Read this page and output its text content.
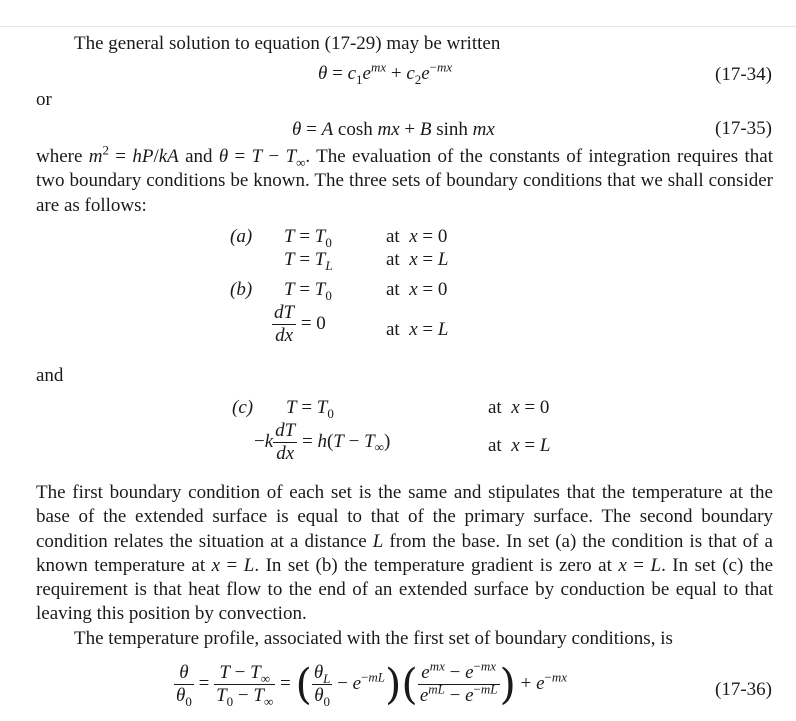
The general solution to equation (17-29) may be written
$\theta = c_1e^{mx} + c_2e^{-mx}$	(17-34)
or
θ = A cosh mx + B sinh mx	(17-35)
where $m^2 = hP/kA$ and $\theta = T - T_\infty$. The evaluation of the constants of integration requires that two boundary conditions be known. The three sets of boundary conditions that we shall consider are as follows:
(a) $T = T_0$	at x = 0
$T = T_L$	at x = L
(b) $T = T_0$	at x = 0
$\frac{dT}{dx} = 0$	at x = L
and
(c) $T = T_0$	at x = 0
$-k \frac{dT}{dx} = h(T - T_\infty)$	at x = L
The first boundary condition of each set is the same and stipulates that the temperature at the base of the extended surface is equal to that of the primary surface. The second boundary condition relates the situation at a distance L from the base. In set (a) the condition is that of a known temperature at x = L. In set (b) the temperature gradient is zero at x = L. In set (c) the requirement is that heat flow to the end of an extended surface by conduction be equal to that leaving this position by convection.
The temperature profile, associated with the first set of boundary conditions, is
$\frac{\theta}{\theta_0} = \frac{T - T_\infty}{T_0 - T_\infty}$ = ( $\frac{\theta_L}{\theta_0} - e^{-mL})( \frac{e^{mx} - e^{-mx}}{e^{mL} - e^{-mL}}$ ) + $e^{-mx}$
(17-36)
